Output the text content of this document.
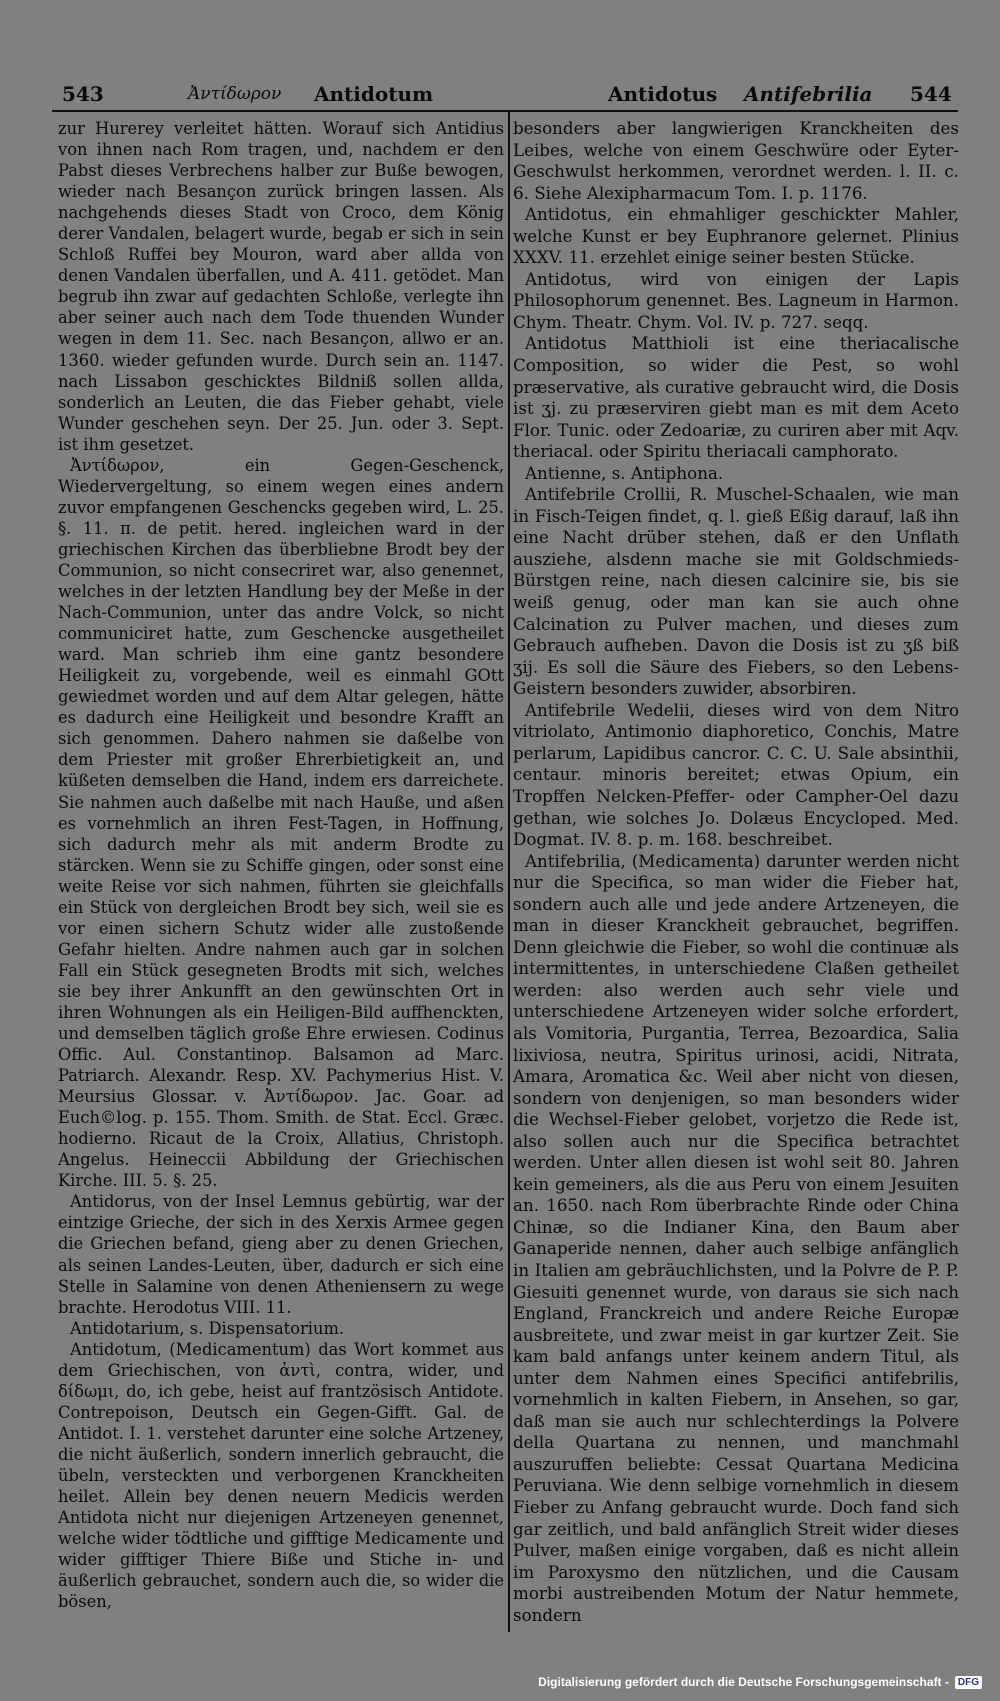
543	Ἀντίδωρον Antidotum	Antidotus Antifebrilia 544

zur Hurerey verleitet hätten. Worauf sich Antidius von ihnen nach Rom tragen, und, nachdem er den Pabst dieses Verbrechens halber zur Buße bewogen, wieder nach Besançon zurück bringen lassen. Als nachgehends dieses Stadt von Croco, dem König derer Vandalen, belagert wurde, begab er sich in sein Schloß Ruffei bey Mouron, ward aber allda von denen Vandalen überfallen, und A. 411. getödet. Man begrub ihn zwar auf gedachten Schloße, verlegte ihn aber seiner auch nach dem Tode thuenden Wunder wegen in dem 11. Sec. nach Besançon, allwo er an. 1360. wieder gefunden wurde. Durch sein an. 1147. nach Lissabon geschicktes Bildniß sollen allda, sonderlich an Leuten, die das Fieber gehabt, viele Wunder geschehen seyn. Der 25. Jun. oder 3. Sept. ist ihm gesetzet.

Ἀντίδωρον, ein Gegen-Geschenck, Wiedervergeltung, so einem wegen eines andern zuvor empfangenen Geschencks gegeben wird, L. 25. §. 11. π. de petit. hered. ingleichen ward in der griechischen Kirchen das überbliebne Brodt bey der Communion, so nicht consecriret war, also genennet, welches in der letzten Handlung bey der Meße in der Nach-Communion, unter das andre Volck, so nicht communiciret hatte, zum Geschencke ausgetheilet ward. Man schrieb ihm eine gantz besondere Heiligkeit zu, vorgebende, weil es einmahl GOtt gewiedmet worden und auf dem Altar gelegen, hätte es dadurch eine Heiligkeit und besondre Krafft an sich genommen. Dahero nahmen sie daßelbe von dem Priester mit großer Ehrerbietigkeit an, und küßeten demselben die Hand, indem ers darreichete. Sie nahmen auch daßelbe mit nach Hauße, und aßen es vornehmlich an ihren Fest-Tagen, in Hoffnung, sich dadurch mehr als mit anderm Brodte zu stärcken. Wenn sie zu Schiffe gingen, oder sonst eine weite Reise vor sich nahmen, führten sie gleichfalls ein Stück von dergleichen Brodt bey sich, weil sie es vor einen sichern Schutz wider alle zustoßende Gefahr hielten. Andre nahmen auch gar in solchen Fall ein Stück gesegneten Brodts mit sich, welches sie bey ihrer Ankunfft an den gewünschten Ort in ihren Wohnungen als ein Heiligen-Bild auffhenckten, und demselben täglich große Ehre erwiesen. Codinus Offic. Aul. Constantinop. Balsamon ad Marc. Patriarch. Alexandr. Resp. XV. Pachymerius Hist. V. Meursius Glossar. v. Ἀντίδωρον. Jac. Goar. ad Euch©log. p. 155. Thom. Smith. de Stat. Eccl. Græc. hodierno. Ricaut de la Croix, Allatius, Christoph. Angelus. Heineccii Abbildung der Griechischen Kirche. III. 5. §. 25.

Antidorus, von der Insel Lemnus gebürtig, war der eintzige Grieche, der sich in des Xerxis Armee gegen die Griechen befand, gieng aber zu denen Griechen, als seinen Landes-Leuten, über, dadurch er sich eine Stelle in Salamine von denen Atheniensern zu wege brachte. Herodotus VIII. 11.

Antidotarium, s. Dispensatorium.

Antidotum, (Medicamentum) das Wort kommet aus dem Griechischen, von ἀντὶ, contra, wider, und δίδωμι, do, ich gebe, heist auf frantzösisch Antidote. Contrepoison, Deutsch ein Gegen-Gifft. Gal. de Antidot. I. 1. verstehet darunter eine solche Artzeney, die nicht äußerlich, sondern innerlich gebraucht, die übeln, versteckten und verborgenen Kranckheiten heilet. Allein bey denen neuern Medicis werden Antidota nicht nur diejenigen Artzeneyen genennet, welche wider tödtliche und gifftige Medicamente und wider gifftiger Thiere Biße und Stiche in- und äußerlich gebrauchet, sondern auch die, so wider die bösen,

besonders aber langwierigen Kranckheiten des Leibes, welche von einem Geschwüre oder Eyter-Geschwulst herkommen, verordnet werden. l. II. c. 6. Siehe Alexipharmacum Tom. I. p. 1176.

Antidotus, ein ehmahliger geschickter Mahler, welche Kunst er bey Euphranore gelernet. Plinius XXXV. 11. erzehlet einige seiner besten Stücke.

Antidotus, wird von einigen der Lapis Philosophorum genennet. Bes. Lagneum in Harmon. Chym. Theatr. Chym. Vol. IV. p. 727. seqq.

Antidotus Matthioli ist eine theriacalische Composition, so wider die Pest, so wohl præservative, als curative gebraucht wird, die Dosis ist ʒj. zu præserviren giebt man es mit dem Aceto Flor. Tunic. oder Zedoariæ, zu curiren aber mit Aqv. theriacal. oder Spiritu theriacali camphorato.

Antienne, s. Antiphona.

Antifebrile Crollii, R. Muschel-Schaalen, wie man in Fisch-Teigen findet, q. l. gieß Eßig darauf, laß ihn eine Nacht drüber stehen, daß er den Unflath ausziehe, alsdenn mache sie mit Goldschmieds-Bürstgen reine, nach diesen calcinire sie, bis sie weiß genug, oder man kan sie auch ohne Calcination zu Pulver machen, und dieses zum Gebrauch aufheben. Davon die Dosis ist zu ʒß biß ʒij. Es soll die Säure des Fiebers, so den Lebens-Geistern besonders zuwider, absorbiren.

Antifebrile Wedelii, dieses wird von dem Nitro vitriolato, Antimonio diaphoretico, Conchis, Matre perlarum, Lapidibus cancror. C. C. U. Sale absinthii, centaur. minoris bereitet; etwas Opium, ein Tropffen Nelcken-Pfeffer- oder Campher-Oel dazu gethan, wie solches Jo. Dolæus Encycloped. Med. Dogmat. IV. 8. p. m. 168. beschreibet.

Antifebrilia, (Medicamenta) darunter werden nicht nur die Specifica, so man wider die Fieber hat, sondern auch alle und jede andere Artzeneyen, die man in dieser Kranckheit gebrauchet, begriffen. Denn gleichwie die Fieber, so wohl die continuæ als intermittentes, in unterschiedene Claßen getheilet werden: also werden auch sehr viele und unterschiedene Artzeneyen wider solche erfordert, als Vomitoria, Purgantia, Terrea, Bezoardica, Salia lixiviosa, neutra, Spiritus urinosi, acidi, Nitrata, Amara, Aromatica &c. Weil aber nicht von diesen, sondern von denjenigen, so man besonders wider die Wechsel-Fieber gelobet, vorjetzo die Rede ist, also sollen auch nur die Specifica betrachtet werden. Unter allen diesen ist wohl seit 80. Jahren kein gemeiners, als die aus Peru von einem Jesuiten an. 1650. nach Rom überbrachte Rinde oder China Chinæ, so die Indianer Kina, den Baum aber Ganaperide nennen, daher auch selbige anfänglich in Italien am gebräuchlichsten, und la Polvre de P. P. Giesuiti genennet wurde, von daraus sie sich nach England, Franckreich und andere Reiche Europæ ausbreitete, und zwar meist in gar kurtzer Zeit. Sie kam bald anfangs unter keinem andern Titul, als unter dem Nahmen eines Specifici antifebrilis, vornehmlich in kalten Fiebern, in Ansehen, so gar, daß man sie auch nur schlechterdings la Polvere della Quartana zu nennen, und manchmahl auszuruffen beliebte: Cessat Quartana Medicina Peruviana. Wie denn selbige vornehmlich in diesem Fieber zu Anfang gebraucht wurde. Doch fand sich gar zeitlich, und bald anfänglich Streit wider dieses Pulver, maßen einige vorgaben, daß es nicht allein im Paroxysmo den nützlichen, und die Causam morbi austreibenden Motum der Natur hemmete, sondern

Digitalisierung gefördert durch die Deutsche Forschungsgemeinschaft - DFG
